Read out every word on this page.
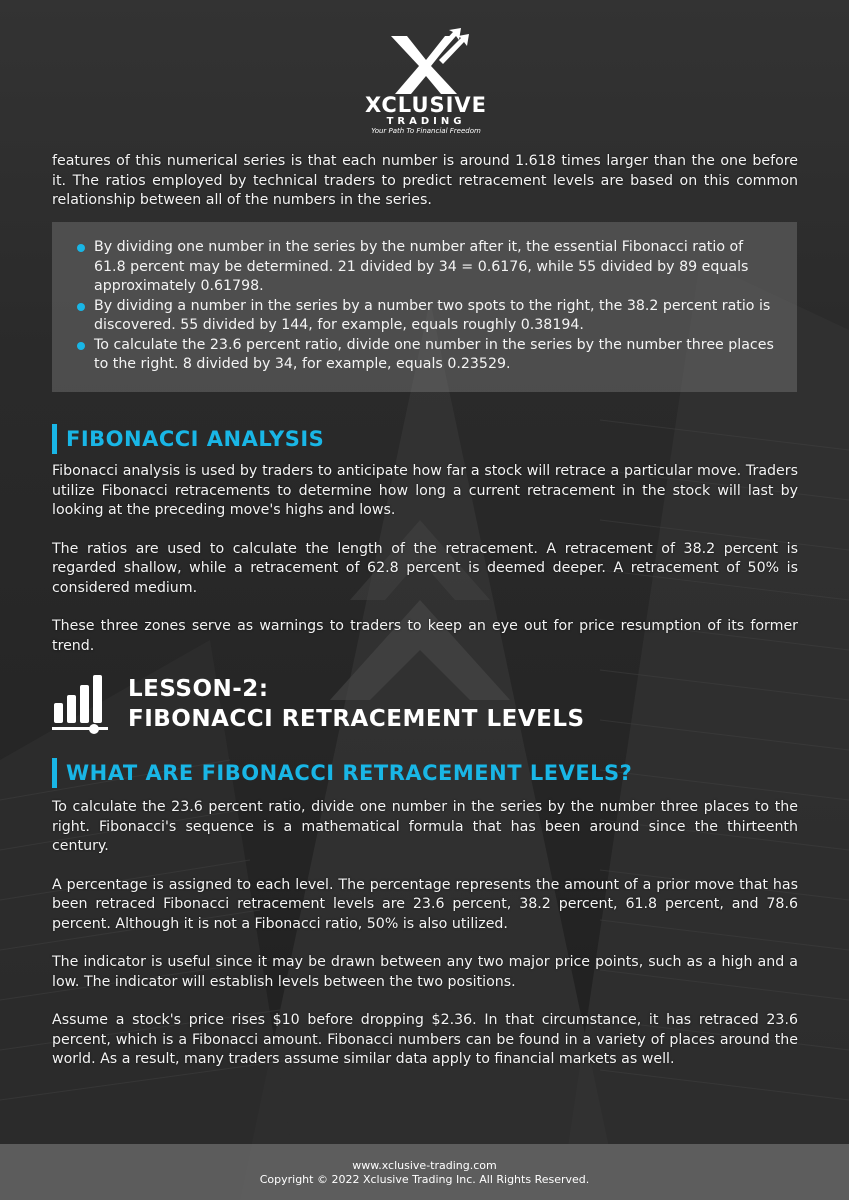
XCLUSIVE
TRADING
Your Path To Financial Freedom

features of this numerical series is that each number is around 1.618 times larger than the one before it. The ratios employed by technical traders to predict retracement levels are based on this common relationship between all of the numbers in the series.

By dividing one number in the series by the number after it, the essential Fibonacci ratio of 61.8 percent may be determined. 21 divided by 34 = 0.6176, while 55 divided by 89 equals approximately 0.61798.
By dividing a number in the series by a number two spots to the right, the 38.2 percent ratio is discovered. 55 divided by 144, for example, equals roughly 0.38194.
To calculate the 23.6 percent ratio, divide one number in the series by the number three places to the right. 8 divided by 34, for example, equals 0.23529.
FIBONACCI ANALYSIS

Fibonacci analysis is used by traders to anticipate how far a stock will retrace a particular move. Traders utilize Fibonacci retracements to determine how long a current retracement in the stock will last by looking at the preceding move's highs and lows.

The ratios are used to calculate the length of the retracement. A retracement of 38.2 percent is regarded shallow, while a retracement of 62.8 percent is deemed deeper. A retracement of 50% is considered medium.

These three zones serve as warnings to traders to keep an eye out for price resumption of its former trend.

LESSON-2:
FIBONACCI RETRACEMENT LEVELS
WHAT ARE FIBONACCI RETRACEMENT LEVELS?

To calculate the 23.6 percent ratio, divide one number in the series by the number three places to the right. Fibonacci's sequence is a mathematical formula that has been around since the thirteenth century.

A percentage is assigned to each level. The percentage represents the amount of a prior move that has been retraced Fibonacci retracement levels are 23.6 percent, 38.2 percent, 61.8 percent, and 78.6 percent. Although it is not a Fibonacci ratio, 50% is also utilized.

The indicator is useful since it may be drawn between any two major price points, such as a high and a low. The indicator will establish levels between the two positions.

Assume a stock's price rises $10 before dropping $2.36. In that circumstance, it has retraced 23.6 percent, which is a Fibonacci amount. Fibonacci numbers can be found in a variety of places around the world. As a result, many traders assume similar data apply to financial markets as well.

www.xclusive-trading.com
Copyright © 2022 Xclusive Trading Inc. All Rights Reserved.
